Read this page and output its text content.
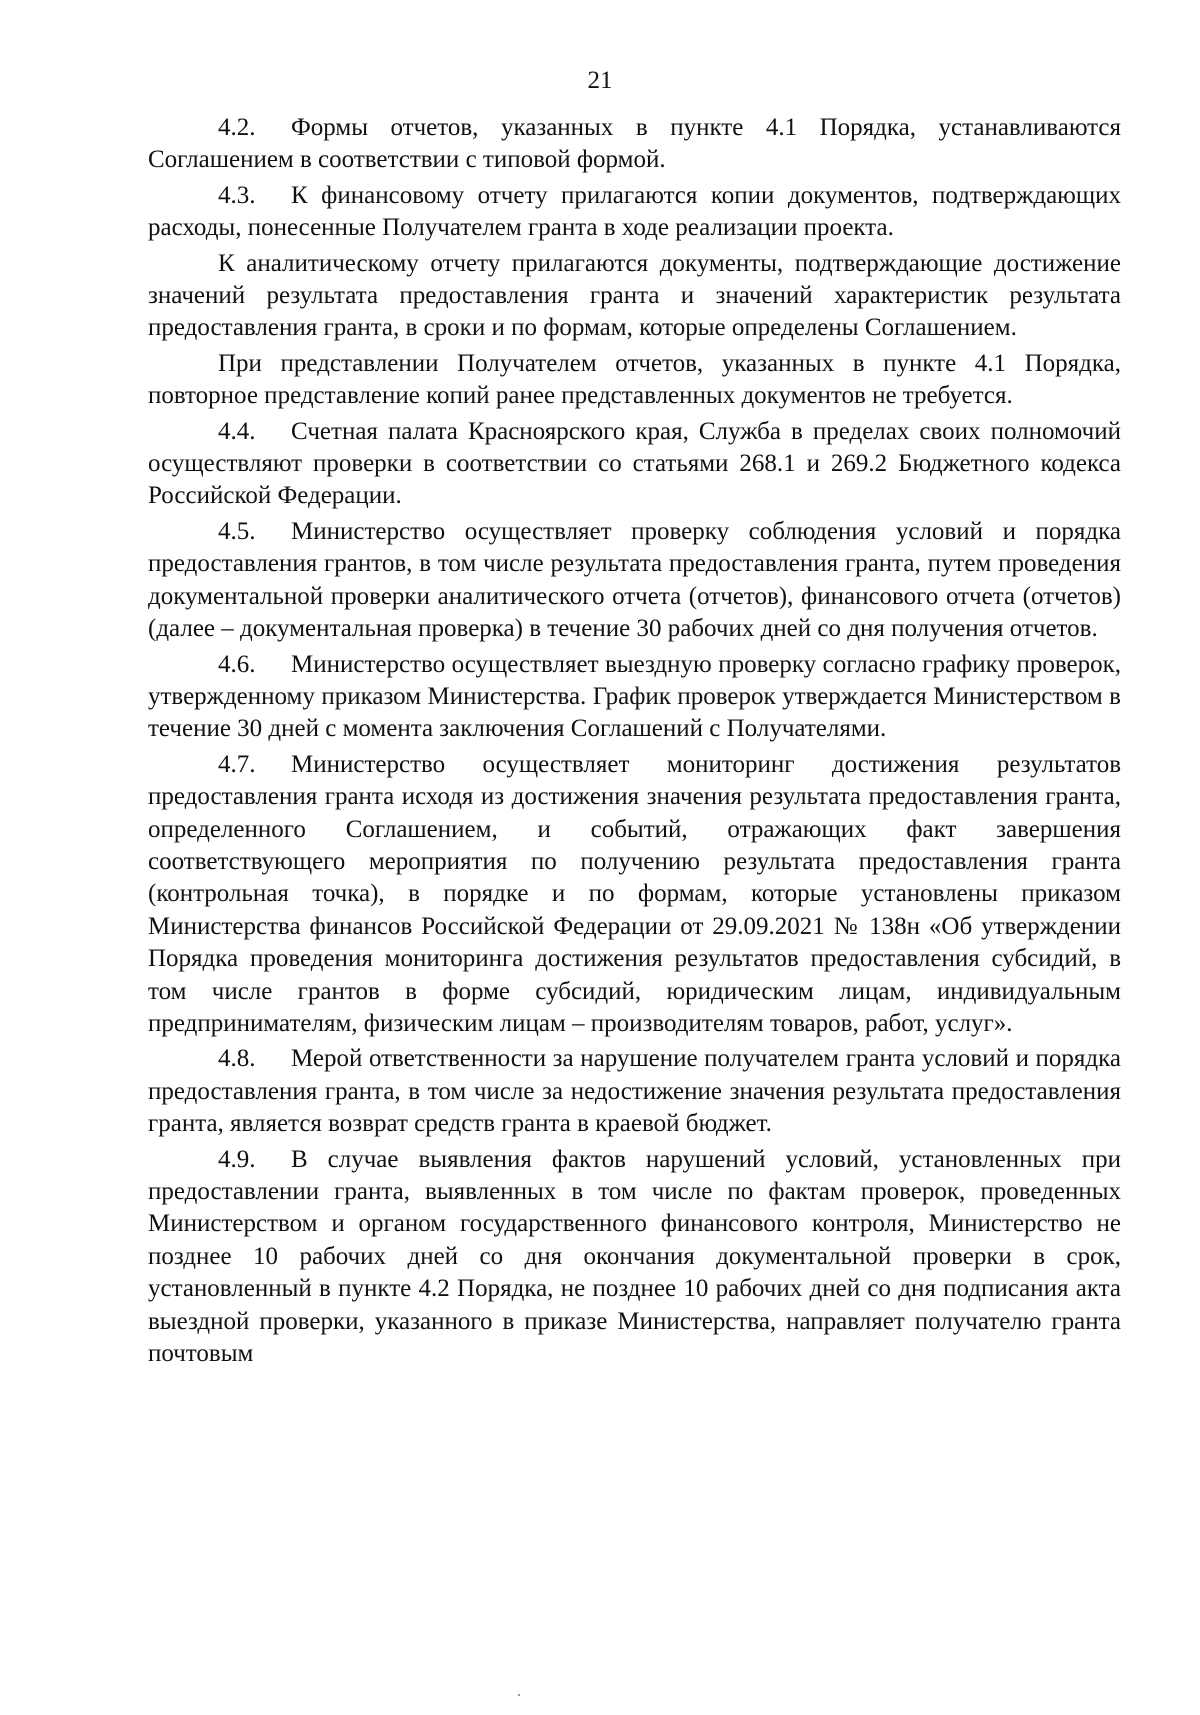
21

4.2. Формы отчетов, указанных в пункте 4.1 Порядка, устанавливаются Соглашением в соответствии с типовой формой.

4.3. К финансовому отчету прилагаются копии документов, подтверждающих расходы, понесенные Получателем гранта в ходе реализации проекта.

К аналитическому отчету прилагаются документы, подтверждающие достижение значений результата предоставления гранта и значений характеристик результата предоставления гранта, в сроки и по формам, которые определены Соглашением.

При представлении Получателем отчетов, указанных в пункте 4.1 Порядка, повторное представление копий ранее представленных документов не требуется.

4.4. Счетная палата Красноярского края, Служба в пределах своих полномочий осуществляют проверки в соответствии со статьями 268.1 и 269.2 Бюджетного кодекса Российской Федерации.

4.5. Министерство осуществляет проверку соблюдения условий и порядка предоставления грантов, в том числе результата предоставления гранта, путем проведения документальной проверки аналитического отчета (отчетов), финансового отчета (отчетов) (далее – документальная проверка) в течение 30 рабочих дней со дня получения отчетов.

4.6. Министерство осуществляет выездную проверку согласно графику проверок, утвержденному приказом Министерства. График проверок утверждается Министерством в течение 30 дней с момента заключения Соглашений с Получателями.

4.7. Министерство осуществляет мониторинг достижения результатов предоставления гранта исходя из достижения значения результата предоставления гранта, определенного Соглашением, и событий, отражающих факт завершения соответствующего мероприятия по получению результата предоставления гранта (контрольная точка), в порядке и по формам, которые установлены приказом Министерства финансов Российской Федерации от 29.09.2021 № 138н «Об утверждении Порядка проведения мониторинга достижения результатов предоставления субсидий, в том числе грантов в форме субсидий, юридическим лицам, индивидуальным предпринимателям, физическим лицам – производителям товаров, работ, услуг».

4.8. Мерой ответственности за нарушение получателем гранта условий и порядка предоставления гранта, в том числе за недостижение значения результата предоставления гранта, является возврат средств гранта в краевой бюджет.

4.9. В случае выявления фактов нарушений условий, установленных при предоставлении гранта, выявленных в том числе по фактам проверок, проведенных Министерством и органом государственного финансового контроля, Министерство не позднее 10 рабочих дней со дня окончания документальной проверки в срок, установленный в пункте 4.2 Порядка, не позднее 10 рабочих дней со дня подписания акта выездной проверки, указанного в приказе Министерства, направляет получателю гранта почтовым
